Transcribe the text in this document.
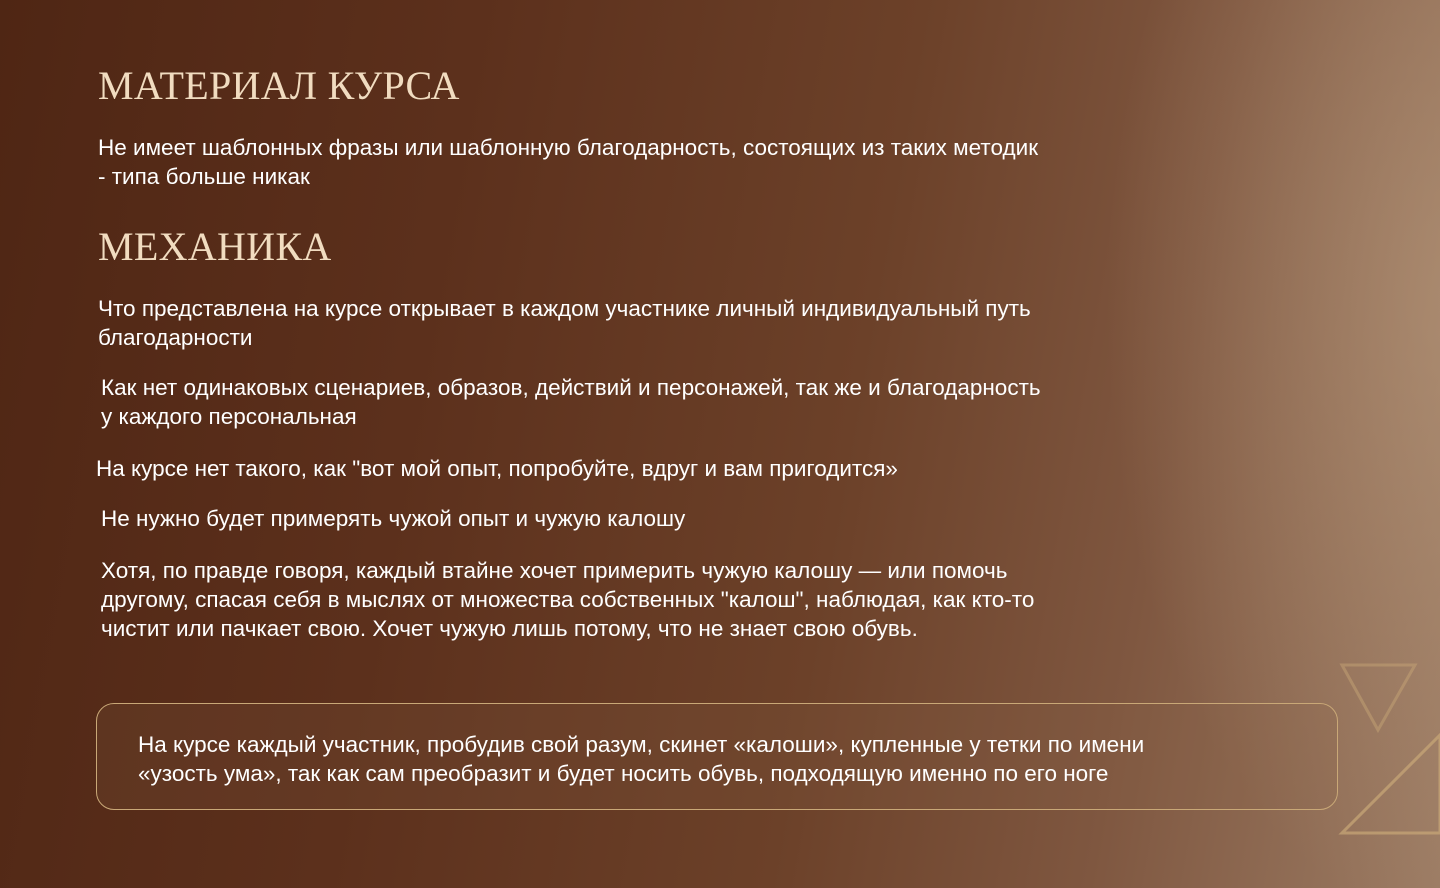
МАТЕРИАЛ КУРСА

Не имеет шаблонных фразы или шаблонную благодарность, состоящих из таких методик
- типа больше никак

МЕХАНИКА

Что представлена на курсе открывает в каждом участнике личный индивидуальный путь
благодарности

Как нет одинаковых сценариев, образов, действий и персонажей, так же и благодарность
у каждого персональная

На курсе нет такого, как "вот мой опыт, попробуйте, вдруг и вам пригодится»

Не нужно будет примерять чужой опыт и чужую калошу

Хотя, по правде говоря, каждый втайне хочет примерить чужую калошу — или помочь
другому, спасая себя в мыслях от множества собственных "калош", наблюдая, как кто-то
чистит или пачкает свою. Хочет чужую лишь потому, что не знает свою обувь.

На курсе каждый участник, пробудив свой разум, скинет «калоши», купленные у тетки по имени
«узость ума», так как сам преобразит и будет носить обувь, подходящую именно по его ноге
